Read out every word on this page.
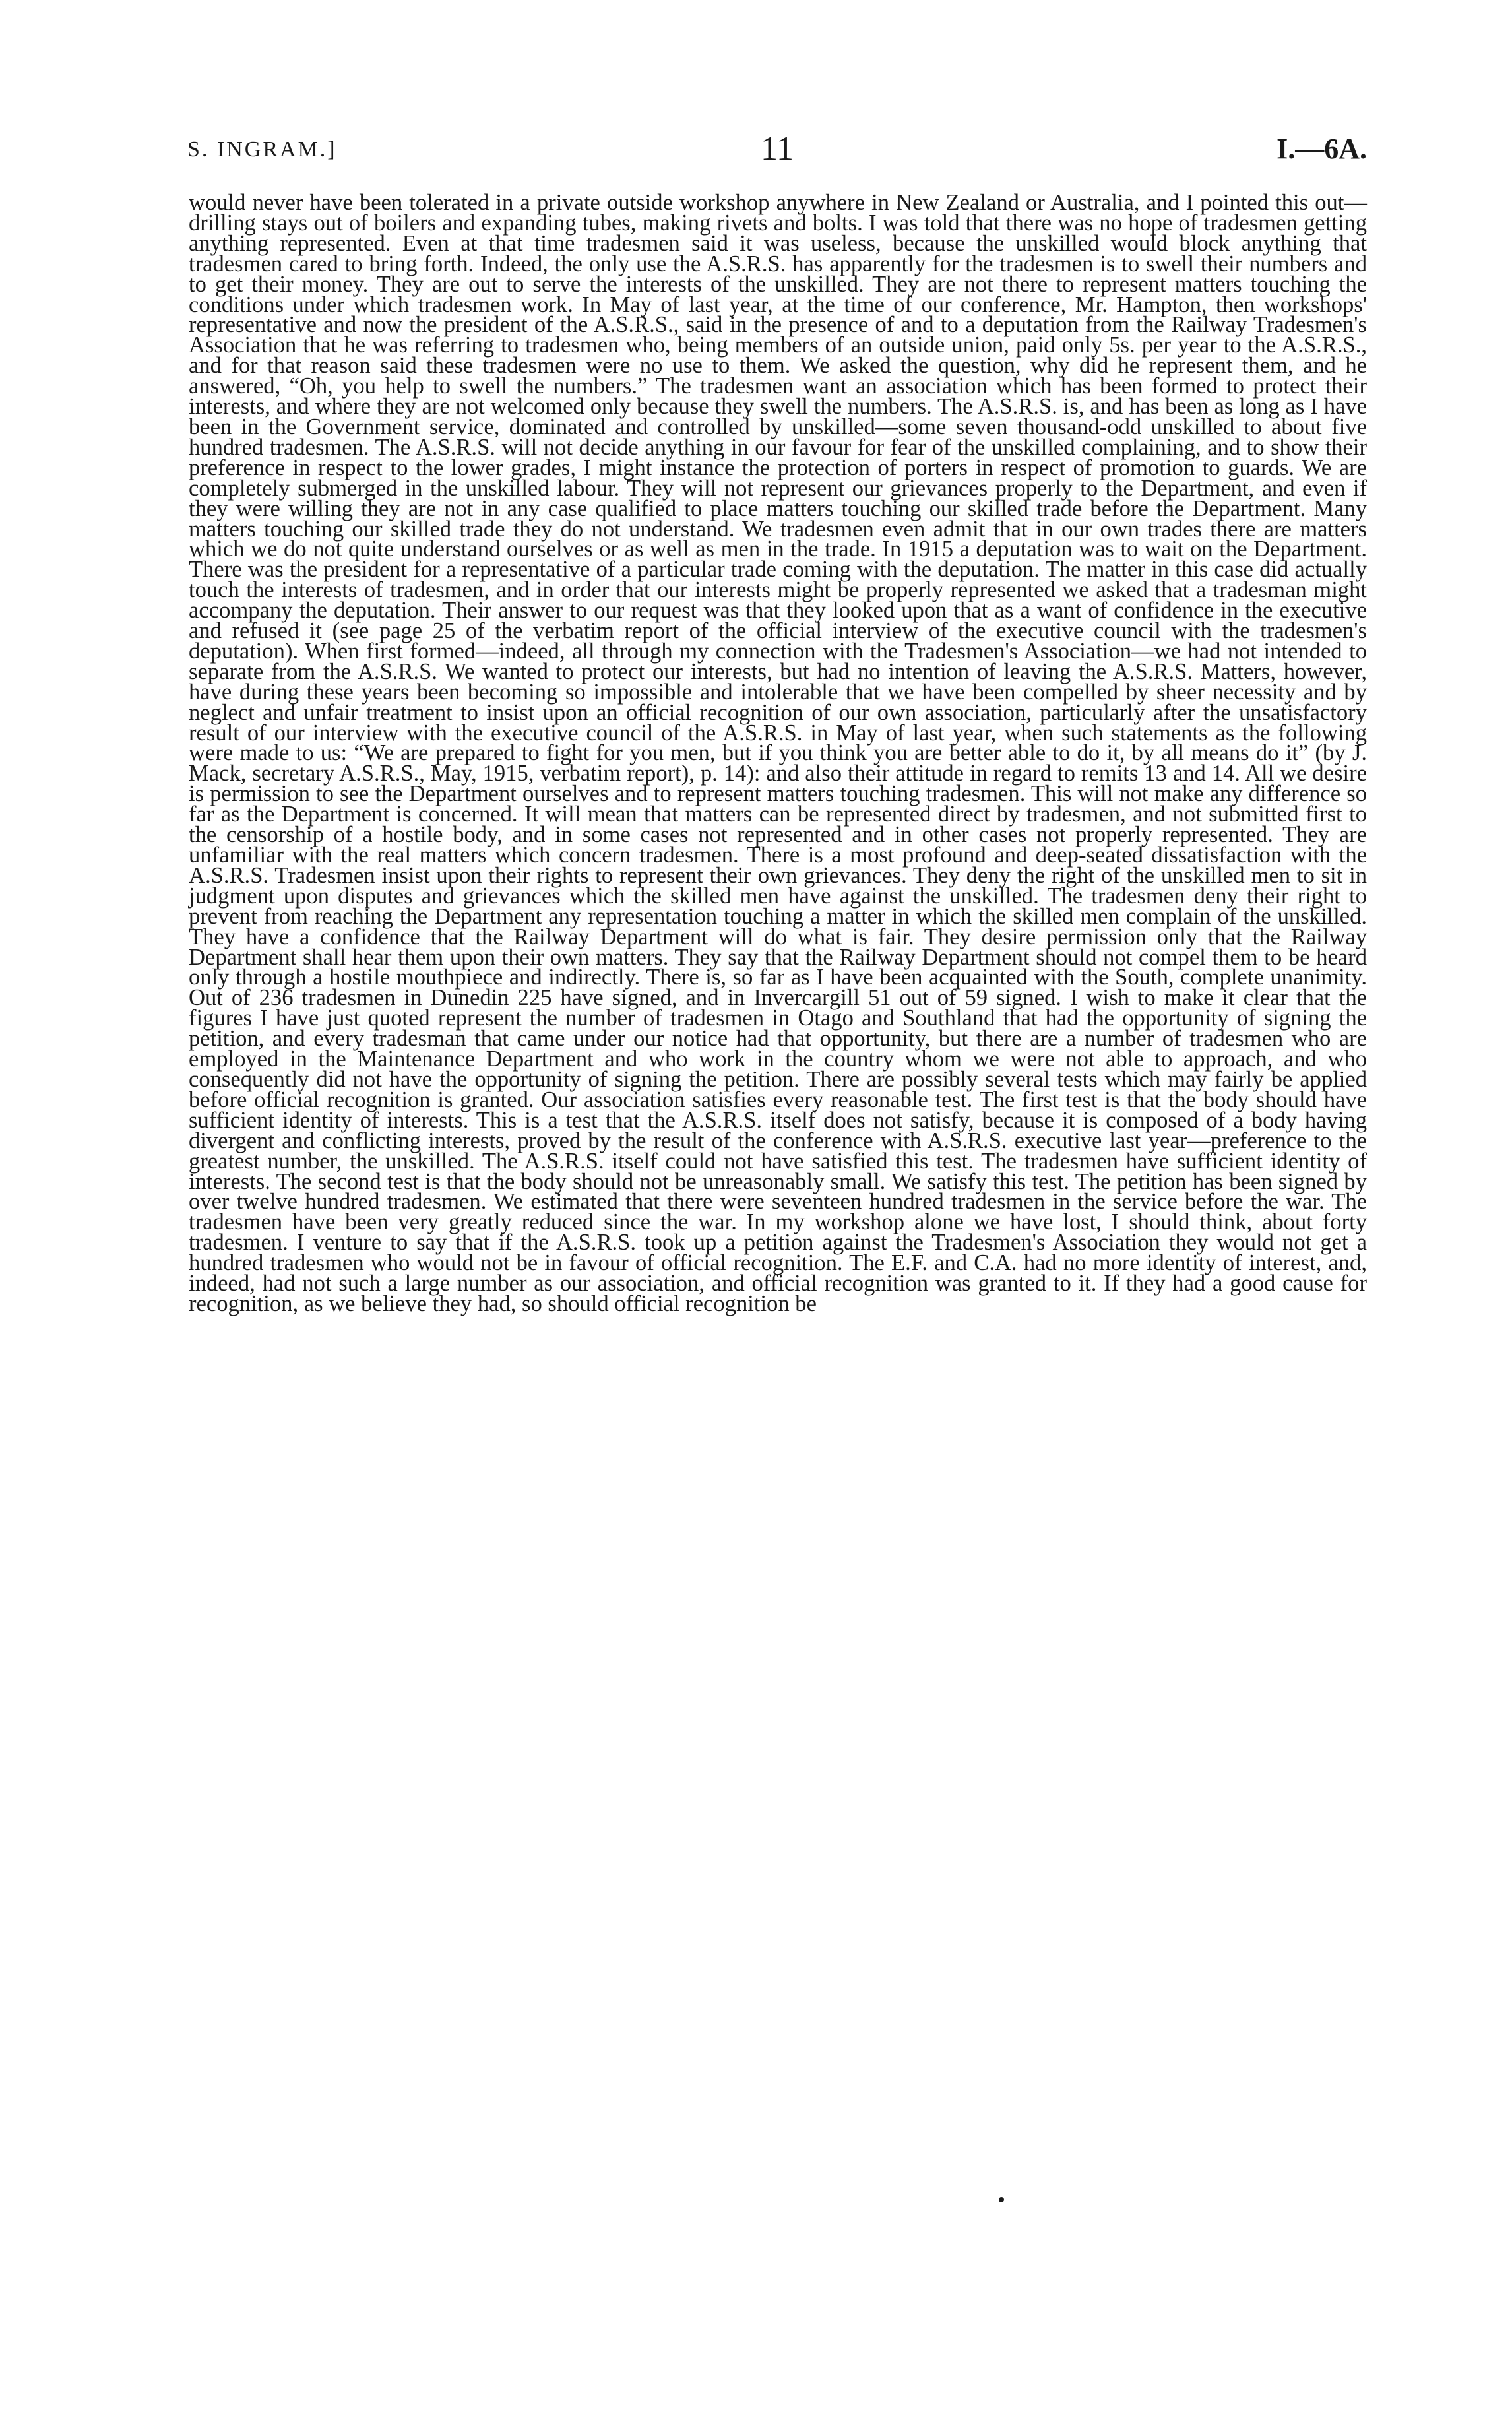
S. INGRAM.]	11	I.—6A.

would never have been tolerated in a private outside workshop anywhere in New Zealand or Australia, and I pointed this out—drilling stays out of boilers and expanding tubes, making rivets and bolts. I was told that there was no hope of tradesmen getting anything represented. Even at that time tradesmen said it was useless, because the unskilled would block anything that tradesmen cared to bring forth. Indeed, the only use the A.S.R.S. has apparently for the tradesmen is to swell their numbers and to get their money. They are out to serve the interests of the unskilled. They are not there to represent matters touching the conditions under which tradesmen work. In May of last year, at the time of our conference, Mr. Hampton, then workshops' representative and now the president of the A.S.R.S., said in the presence of and to a deputation from the Railway Tradesmen's Association that he was referring to tradesmen who, being members of an outside union, paid only 5s. per year to the A.S.R.S., and for that reason said these tradesmen were no use to them. We asked the question, why did he represent them, and he answered, “Oh, you help to swell the numbers.” The tradesmen want an association which has been formed to protect their interests, and where they are not welcomed only because they swell the numbers. The A.S.R.S. is, and has been as long as I have been in the Government service, dominated and controlled by unskilled—some seven thousand-odd unskilled to about five hundred tradesmen. The A.S.R.S. will not decide anything in our favour for fear of the unskilled complaining, and to show their preference in respect to the lower grades, I might instance the protection of porters in respect of promotion to guards. We are completely submerged in the unskilled labour. They will not represent our grievances properly to the Department, and even if they were willing they are not in any case qualified to place matters touching our skilled trade before the Department. Many matters touching our skilled trade they do not understand. We tradesmen even admit that in our own trades there are matters which we do not quite understand ourselves or as well as men in the trade. In 1915 a deputation was to wait on the Department. There was the president for a representative of a particular trade coming with the deputation. The matter in this case did actually touch the interests of tradesmen, and in order that our interests might be properly represented we asked that a tradesman might accompany the deputation. Their answer to our request was that they looked upon that as a want of confidence in the executive and refused it (see page 25 of the verbatim report of the official interview of the executive council with the tradesmen's deputation). When first formed—indeed, all through my connection with the Tradesmen's Association—we had not intended to separate from the A.S.R.S. We wanted to protect our interests, but had no intention of leaving the A.S.R.S. Matters, however, have during these years been becoming so impossible and intolerable that we have been compelled by sheer necessity and by neglect and unfair treatment to insist upon an official recognition of our own association, particularly after the unsatisfactory result of our interview with the executive council of the A.S.R.S. in May of last year, when such statements as the following were made to us: “We are prepared to fight for you men, but if you think you are better able to do it, by all means do it” (by J. Mack, secretary A.S.R.S., May, 1915, verbatim report), p. 14): and also their attitude in regard to remits 13 and 14. All we desire is permission to see the Department ourselves and to represent matters touching tradesmen. This will not make any difference so far as the Department is concerned. It will mean that matters can be represented direct by tradesmen, and not submitted first to the censorship of a hostile body, and in some cases not represented and in other cases not properly represented. They are unfamiliar with the real matters which concern tradesmen. There is a most profound and deep-seated dissatisfaction with the A.S.R.S. Tradesmen insist upon their rights to represent their own grievances. They deny the right of the unskilled men to sit in judgment upon disputes and grievances which the skilled men have against the unskilled. The tradesmen deny their right to prevent from reaching the Department any representation touching a matter in which the skilled men complain of the unskilled. They have a confidence that the Railway Department will do what is fair. They desire permission only that the Railway Department shall hear them upon their own matters. They say that the Railway Department should not compel them to be heard only through a hostile mouthpiece and indirectly. There is, so far as I have been acquainted with the South, complete unanimity. Out of 236 tradesmen in Dunedin 225 have signed, and in Invercargill 51 out of 59 signed. I wish to make it clear that the figures I have just quoted represent the number of tradesmen in Otago and Southland that had the opportunity of signing the petition, and every tradesman that came under our notice had that opportunity, but there are a number of tradesmen who are employed in the Maintenance Department and who work in the country whom we were not able to approach, and who consequently did not have the opportunity of signing the petition. There are possibly several tests which may fairly be applied before official recognition is granted. Our association satisfies every reasonable test. The first test is that the body should have sufficient identity of interests. This is a test that the A.S.R.S. itself does not satisfy, because it is composed of a body having divergent and conflicting interests, proved by the result of the conference with A.S.R.S. executive last year—preference to the greatest number, the unskilled. The A.S.R.S. itself could not have satisfied this test. The tradesmen have sufficient identity of interests. The second test is that the body should not be unreasonably small. We satisfy this test. The petition has been signed by over twelve hundred tradesmen. We estimated that there were seventeen hundred tradesmen in the service before the war. The tradesmen have been very greatly reduced since the war. In my workshop alone we have lost, I should think, about forty tradesmen. I venture to say that if the A.S.R.S. took up a petition against the Tradesmen's Association they would not get a hundred tradesmen who would not be in favour of official recognition. The E.F. and C.A. had no more identity of interest, and, indeed, had not such a large number as our association, and official recognition was granted to it. If they had a good cause for recognition, as we believe they had, so should official recognition be
